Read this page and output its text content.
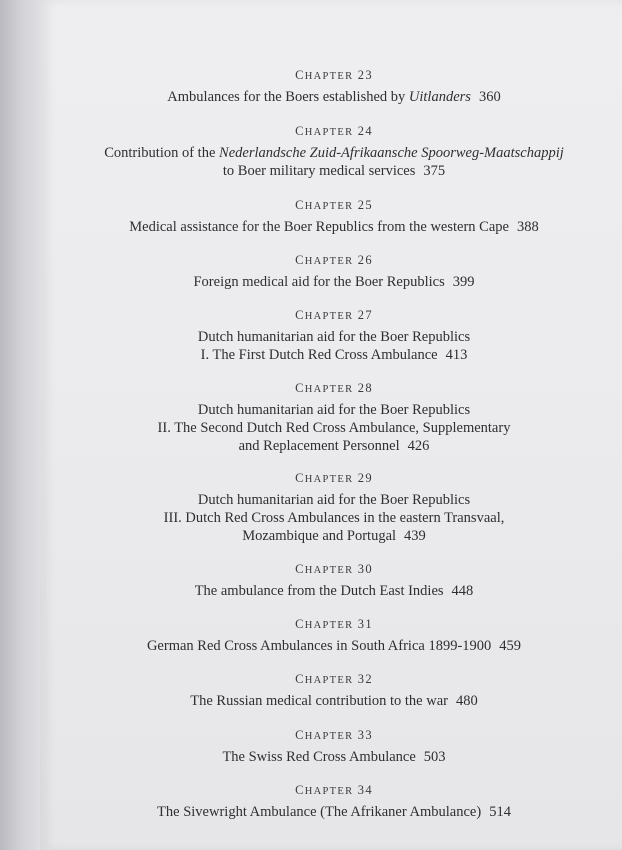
CHAPTER 23
Ambulances for the Boers established by Uitlanders 360
CHAPTER 24
Contribution of the Nederlandsche Zuid-Afrikaansche Spoorweg-Maatschappij
to Boer military medical services 375
CHAPTER 25
Medical assistance for the Boer Republics from the western Cape 388
CHAPTER 26
Foreign medical aid for the Boer Republics 399
CHAPTER 27
Dutch humanitarian aid for the Boer Republics
I. The First Dutch Red Cross Ambulance 413
CHAPTER 28
Dutch humanitarian aid for the Boer Republics
II. The Second Dutch Red Cross Ambulance, Supplementary
and Replacement Personnel 426
CHAPTER 29
Dutch humanitarian aid for the Boer Republics
III. Dutch Red Cross Ambulances in the eastern Transvaal,
Mozambique and Portugal 439
CHAPTER 30
The ambulance from the Dutch East Indies 448
CHAPTER 31
German Red Cross Ambulances in South Africa 1899-1900 459
CHAPTER 32
The Russian medical contribution to the war 480
CHAPTER 33
The Swiss Red Cross Ambulance 503
CHAPTER 34
The Sivewright Ambulance (The Afrikaner Ambulance) 514
